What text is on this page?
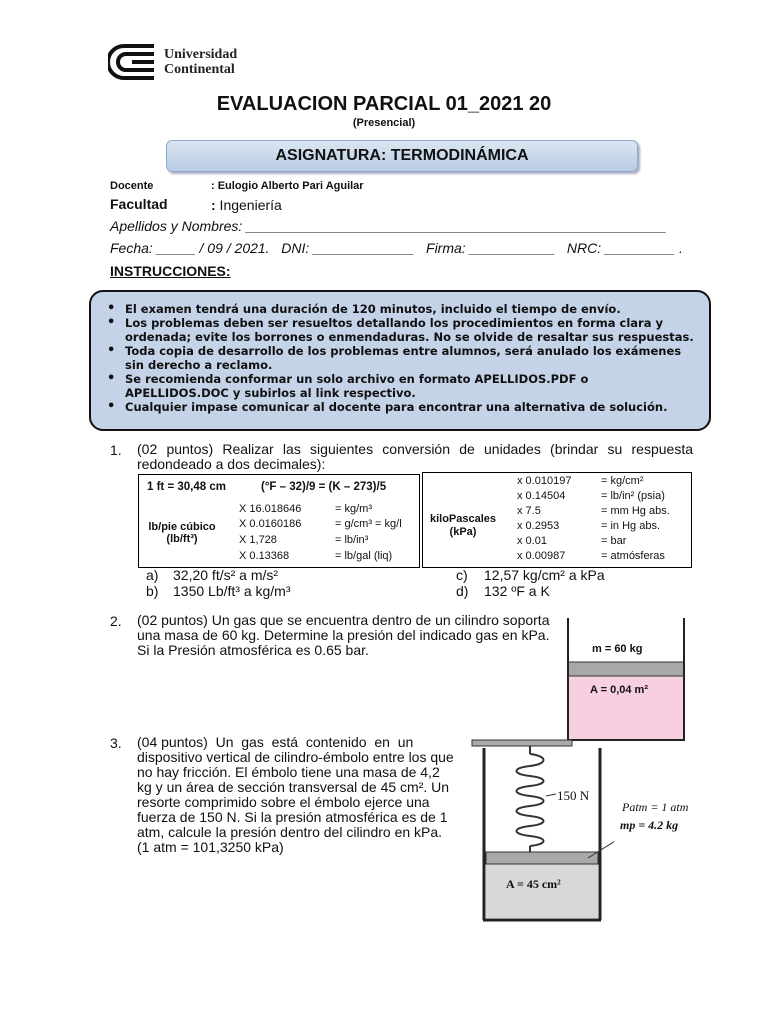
Universidad
Continental
EVALUACION PARCIAL 01_2021 20
(Presencial)
ASIGNATURA: TERMODINÁMICA
Docente	: Eulogio Alberto Pari Aguilar
Facultad	: Ingeniería
Apellidos y Nombres: ______________________________________________________
Fecha: _____ / 09 / 2021.   DNI: _____________   Firma: ___________   NRC: _________ .
INSTRUCCIONES:
• El examen tendrá una duración de 120 minutos, incluido el tiempo de envío.
• Los problemas deben ser resueltos detallando los procedimientos en forma clara y ordenada; evite los borrones o enmendaduras. No se olvide de resaltar sus respuestas.
• Toda copia de desarrollo de los problemas entre alumnos, será anulado los exámenes sin derecho a reclamo.
• Se recomienda conformar un solo archivo en formato APELLIDOS.PDF o APELLIDOS.DOC y subirlos al link respectivo.
• Cualquier impase comunicar al docente para encontrar una alternativa de solución.
1. (02 puntos) Realizar las siguientes conversión de unidades (brindar su respuesta redondeado a dos decimales):
1 ft = 30,48 cm	(°F – 32)/9 = (K – 273)/5
lb/pie cúbico
(lb/ft³)
X 16.018646	= kg/m³
X 0.0160186	= g/cm³ = kg/l
X 1,728	= lb/in³
X 0.13368	= lb/gal (liq)
kiloPascales
(kPa)
x 0.010197	= kg/cm²
x 0.14504	= lb/in² (psia)
x 7.5	= mm Hg abs.
x 0.2953	= in Hg abs.
x 0.01	= bar
x 0.00987	= atmósferas
a) 32,20 ft/s² a m/s²
b) 1350 Lb/ft³ a kg/m³
c) 12,57 kg/cm² a kPa
d) 132 ºF a K
2. (02 puntos) Un gas que se encuentra dentro de un cilindro soporta
una masa de 60 kg. Determine la presión del indicado gas en kPa.
Si la Presión atmosférica es 0.65 bar.	m = 60 kg
A = 0,04 m²
3. (04 puntos)  Un  gas  está  contenido  en  un
dispositivo vertical de cilindro-émbolo entre los que
no hay fricción. El émbolo tiene una masa de 4,2
kg y un área de sección transversal de 45 cm². Un
resorte comprimido sobre el émbolo ejerce una
fuerza de 150 N. Si la presión atmosférica es de 1
atm, calcule la presión dentro del cilindro en kPa.
(1 atm = 101,3250 kPa)
150 N
Patm = 1 atm
mp = 4.2 kg
A = 45 cm²
